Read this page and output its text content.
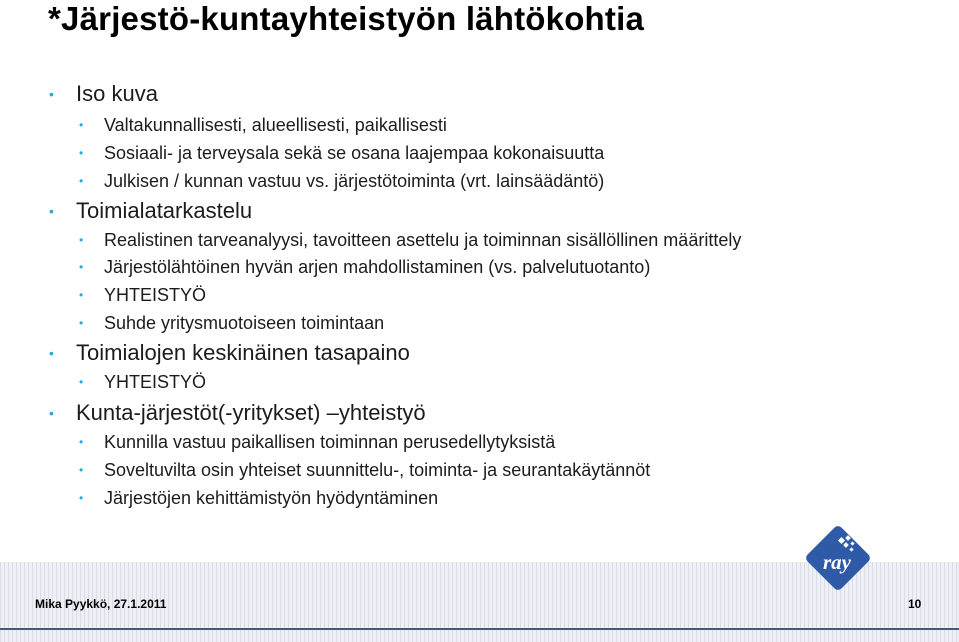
*Järjestö-kuntayhteistyön lähtökohtia
• Iso kuva
• Valtakunnallisesti, alueellisesti, paikallisesti
• Sosiaali- ja terveysala sekä se osana laajempaa kokonaisuutta
• Julkisen / kunnan vastuu vs. järjestötoiminta (vrt. lainsäädäntö)
• Toimialatarkastelu
• Realistinen tarveanalyysi, tavoitteen asettelu ja toiminnan sisällöllinen määrittely
• Järjestölähtöinen hyvän arjen mahdollistaminen (vs. palvelutuotanto)
• YHTEISTYÖ
• Suhde yritysmuotoiseen toimintaan
• Toimialojen keskinäinen tasapaino
• YHTEISTYÖ
• Kunta-järjestöt(-yritykset) –yhteistyö
• Kunnilla vastuu paikallisen toiminnan perusedellytyksistä
• Soveltuvilta osin yhteiset suunnittelu-, toiminta- ja seurantakäytännöt
• Järjestöjen kehittämistyön hyödyntäminen
ray
Mika Pyykkö, 27.1.2011	10
